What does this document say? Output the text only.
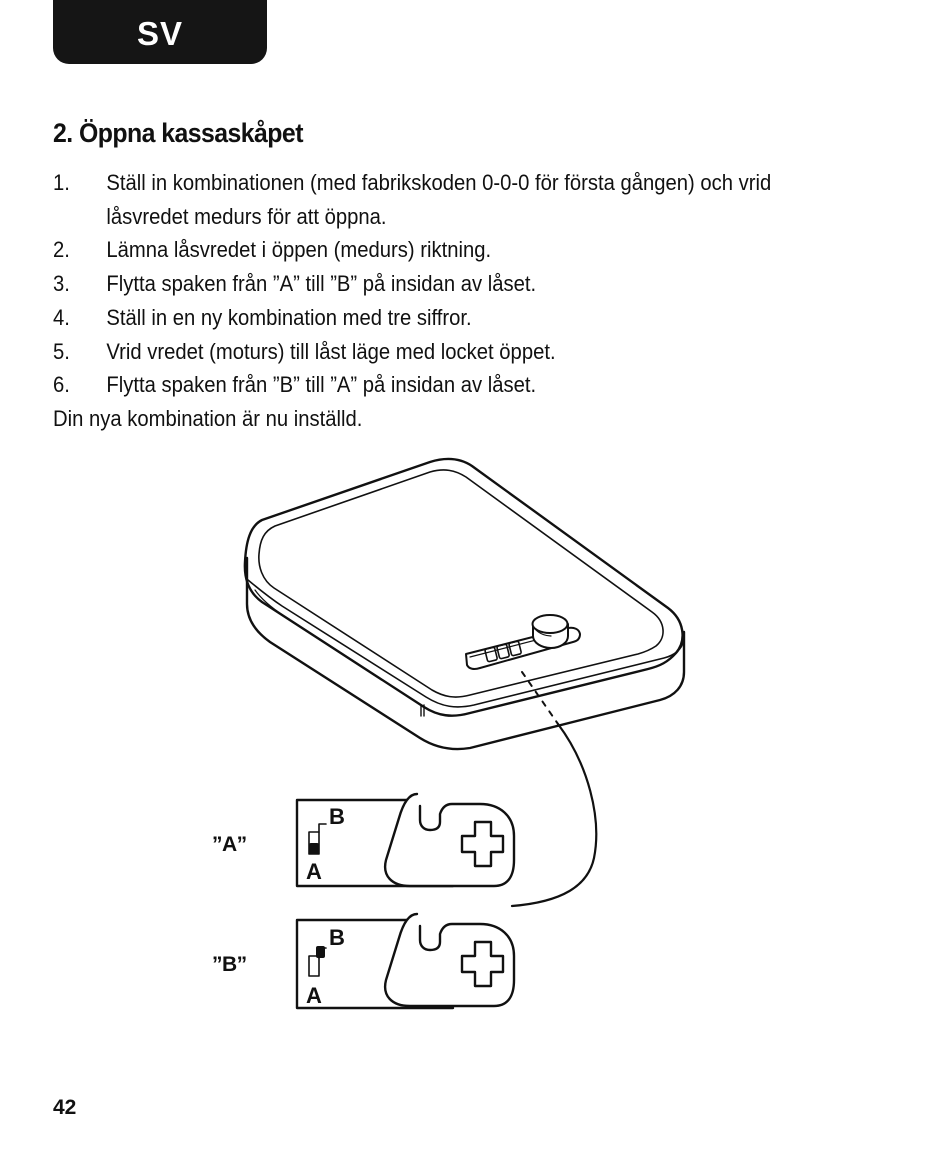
SV
2. Öppna kassaskåpet
1.	Ställ in kombinationen (med fabrikskoden 0-0-0 för första gången) och vrid låsvredet medurs för att öppna.
2.	Lämna låsvredet i öppen (medurs) riktning.
3.	Flytta spaken från ”A” till ”B” på insidan av låset.
4.	Ställ in en ny kombination med tre siffror.
5.	Vrid vredet (moturs) till låst läge med locket öppet.
6.	Flytta spaken från ”B” till ”A” på insidan av låset.
Din nya kombination är nu inställd.
B
A
B
A
”A”
”B”
42
